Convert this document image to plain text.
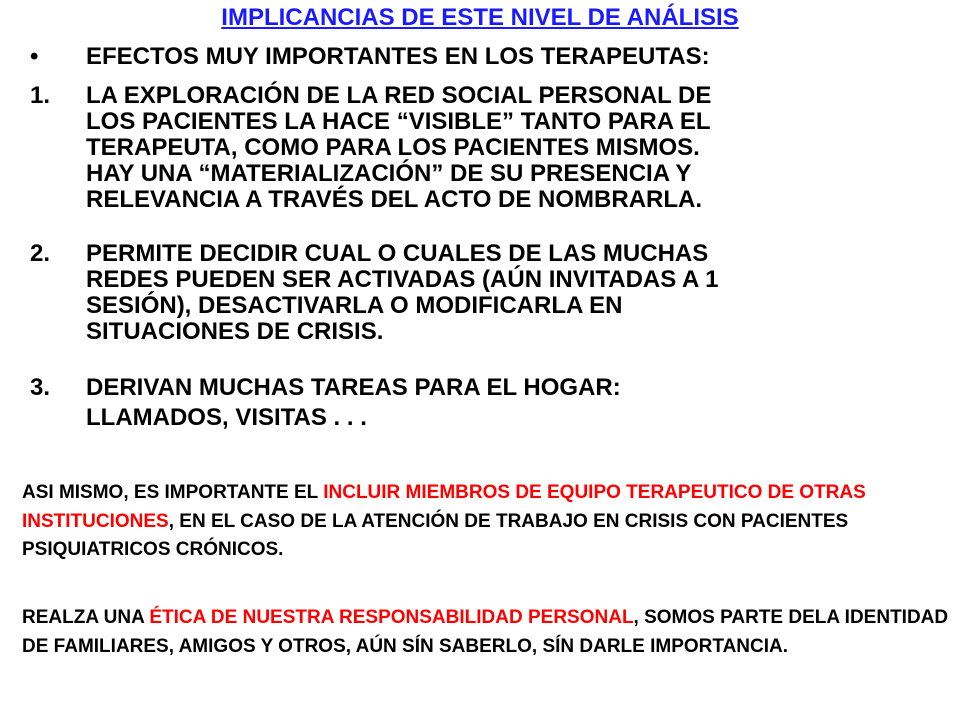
IMPLICANCIAS DE ESTE NIVEL DE ANÁLISIS
• EFECTOS MUY IMPORTANTES EN LOS TERAPEUTAS:
1.	LA EXPLORACIÓN DE LA RED SOCIAL PERSONAL DE
LOS PACIENTES LA HACE “VISIBLE” TANTO PARA EL
TERAPEUTA, COMO PARA LOS PACIENTES MISMOS.
HAY UNA “MATERIALIZACIÓN” DE SU PRESENCIA Y
RELEVANCIA A TRAVÉS DEL ACTO DE NOMBRARLA.
2.	PERMITE DECIDIR CUAL O CUALES DE LAS MUCHAS
REDES PUEDEN SER ACTIVADAS (AÚN INVITADAS A 1
SESIÓN), DESACTIVARLA O MODIFICARLA EN
SITUACIONES DE CRISIS.
3.	DERIVAN MUCHAS TAREAS PARA EL HOGAR:
LLAMADOS, VISITAS . . .
ASI MISMO, ES IMPORTANTE EL INCLUIR MIEMBROS DE EQUIPO TERAPEUTICO DE OTRAS INSTITUCIONES, EN EL CASO DE LA ATENCIÓN DE TRABAJO EN CRISIS CON PACIENTES PSIQUIATRICOS CRÓNICOS.
REALZA UNA ÉTICA DE NUESTRA RESPONSABILIDAD PERSONAL, SOMOS PARTE DELA IDENTIDAD DE FAMILIARES, AMIGOS Y OTROS, AÚN SÍN SABERLO, SÍN DARLE IMPORTANCIA.
